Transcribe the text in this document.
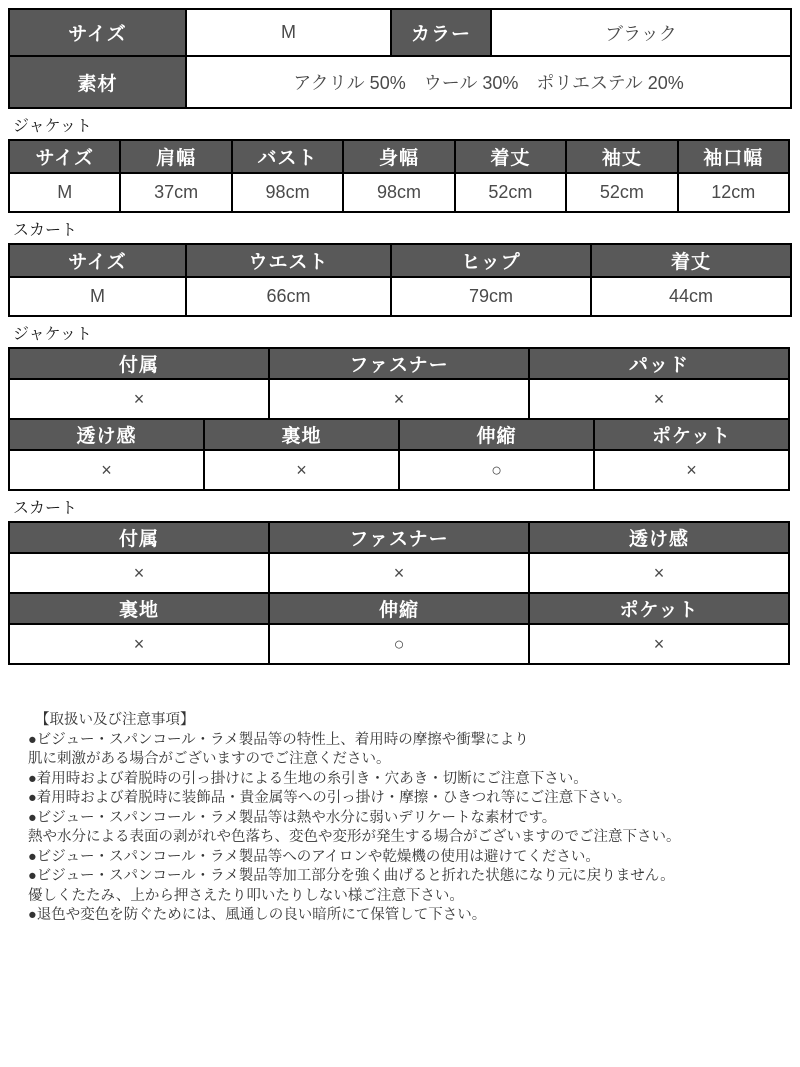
サイズ	M	カラー	ブラック
素材	アクリル 50%　ウール 30%　ポリエステル 20%		
ジャケット
サイズ	肩幅	バスト	身幅	着丈	袖丈	袖口幅
M	37cm	98cm	98cm	52cm	52cm	12cm
スカート
サイズ	ウエスト	ヒップ	着丈
M	66cm	79cm	44cm
ジャケット
付属		ファスナー		パッド	
×		×		×	
透け感	裏地		伸縮		ポケット
×	×		○		×
スカート
付属	ファスナー	透け感
×	×	×
裏地	伸縮	ポケット
×	○	×
【取扱い及び注意事項】
●ビジュー・スパンコール・ラメ製品等の特性上、着用時の摩擦や衝撃により
肌に刺激がある場合がございますのでご注意ください。
●着用時および着脱時の引っ掛けによる生地の糸引き・穴あき・切断にご注意下さい。
●着用時および着脱時に装飾品・貴金属等への引っ掛け・摩擦・ひきつれ等にご注意下さい。
●ビジュー・スパンコール・ラメ製品等は熱や水分に弱いデリケートな素材です。
熱や水分による表面の剥がれや色落ち、変色や変形が発生する場合がございますのでご注意下さい。
●ビジュー・スパンコール・ラメ製品等へのアイロンや乾燥機の使用は避けてください。
●ビジュー・スパンコール・ラメ製品等加工部分を強く曲げると折れた状態になり元に戻りません。
優しくたたみ、上から押さえたり叩いたりしない様ご注意下さい。
●退色や変色を防ぐためには、風通しの良い暗所にて保管して下さい。
